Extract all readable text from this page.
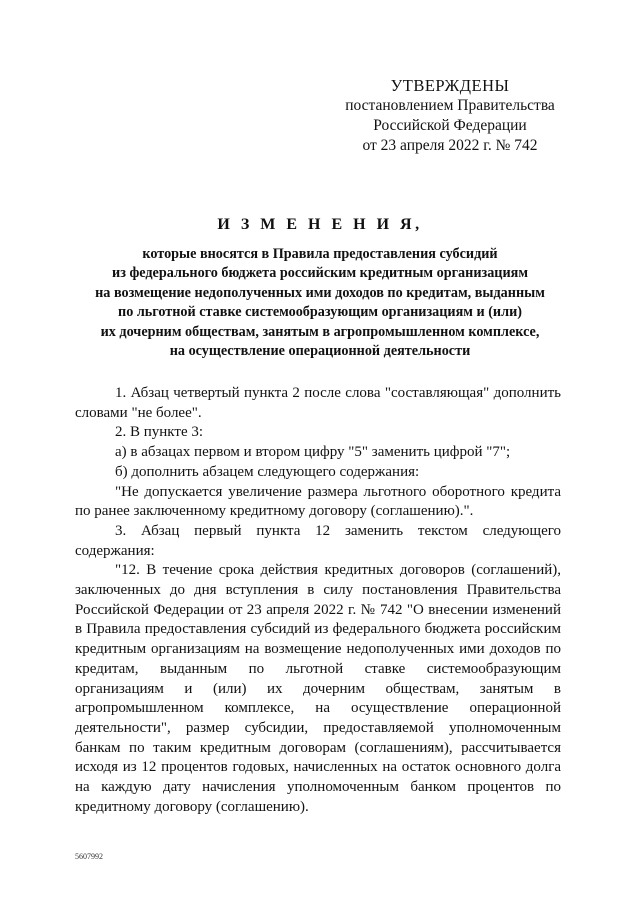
УТВЕРЖДЕНЫ
постановлением Правительства
Российской Федерации
от 23 апреля 2022 г. № 742
И З М Е Н Е Н И Я,
которые вносятся в Правила предоставления субсидий
из федерального бюджета российским кредитным организациям
на возмещение недополученных ими доходов по кредитам, выданным
по льготной ставке системообразующим организациям и (или)
их дочерним обществам, занятым в агропромышленном комплексе,
на осуществление операционной деятельности

1. Абзац четвертый пункта 2 после слова "составляющая" дополнить словами "не более".

2. В пункте 3:

а) в абзацах первом и втором цифру "5" заменить цифрой "7";

б) дополнить абзацем следующего содержания:

"Не допускается увеличение размера льготного оборотного кредита по ранее заключенному кредитному договору (соглашению).".

3. Абзац первый пункта 12 заменить текстом следующего содержания:

"12. В течение срока действия кредитных договоров (соглашений), заключенных до дня вступления в силу постановления Правительства Российской Федерации от 23 апреля 2022 г. № 742 "О внесении изменений в Правила предоставления субсидий из федерального бюджета российским кредитным организациям на возмещение недополученных ими доходов по кредитам, выданным по льготной ставке системообразующим организациям и (или) их дочерним обществам, занятым в агропромышленном комплексе, на осуществление операционной деятельности", размер субсидии, предоставляемой уполномоченным банкам по таким кредитным договорам (соглашениям), рассчитывается исходя из 12 процентов годовых, начисленных на остаток основного долга на каждую дату начисления уполномоченным банком процентов по кредитному договору (соглашению).

5607992
